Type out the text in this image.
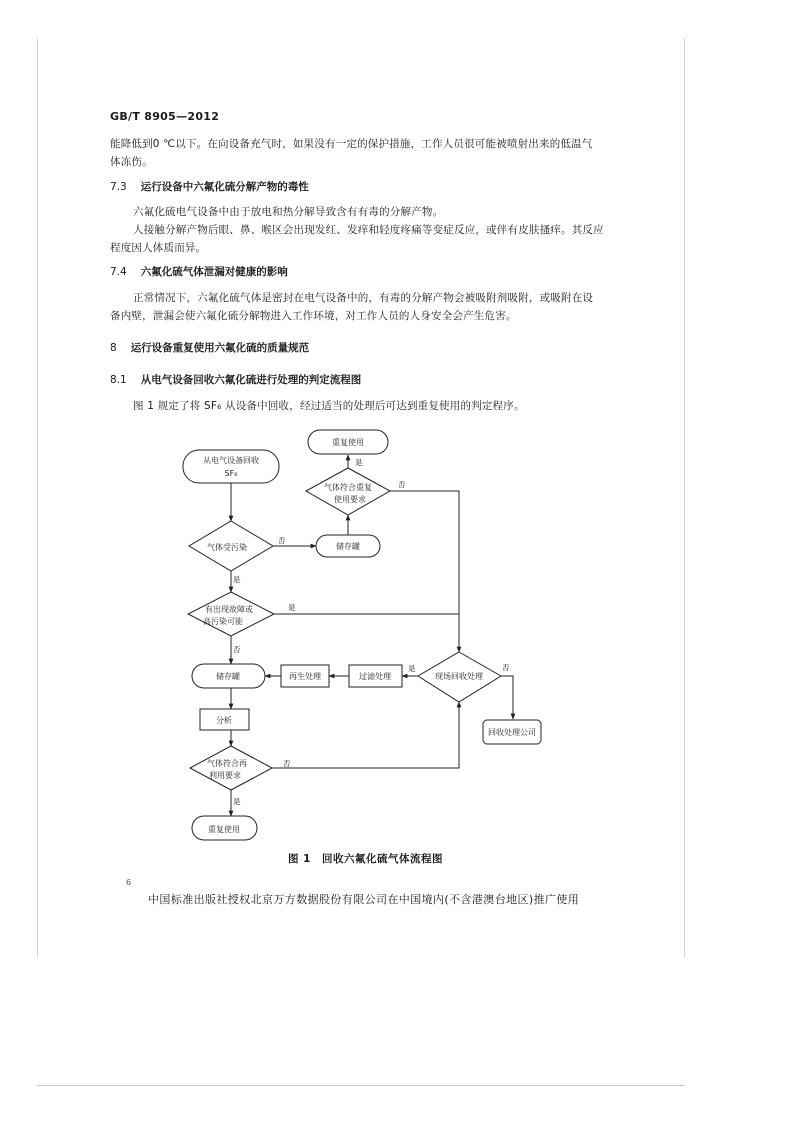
GB/T 8905—2012
能降低到0 ℃以下。在向设备充气时，如果没有一定的保护措施，工作人员很可能被喷射出来的低温气
体冻伤。
7.3 运行设备中六氟化硫分解产物的毒性
六氟化硫电气设备中由于放电和热分解导致含有有毒的分解产物。
人接触分解产物后眼、鼻、喉区会出现发红、发痒和轻度疼痛等变症反应，或伴有皮肤搔痒。其反应
程度因人体质而异。
7.4 六氟化硫气体泄漏对健康的影响
正常情况下，六氟化硫气体是密封在电气设备中的，有毒的分解产物会被吸附剂吸附，或吸附在设
备内壁，泄漏会使六氟化硫分解物进入工作环境，对工作人员的人身安全会产生危害。
8 运行设备重复使用六氟化硫的质量规范
8.1 从电气设备回收六氟化硫进行处理的判定流程图
图 1 规定了将 SF₆ 从设备中回收，经过适当的处理后可达到重复使用的判定程序。
重复使用
从电气设备回收
SF₆
气体符合重复
使用要求
气体受污染	储存罐
有出现故障或
高污染可能
储存罐	再生处理	过滤处理	现场回收处理
回收处理公司
分析
气体符合再
利用要求
重复使用
是
否
否
是
是
否
是	否
否
是
图 1　回收六氟化硫气体流程图
6
中国标准出版社授权北京万方数据股份有限公司在中国境内(不含港澳台地区)推广使用
